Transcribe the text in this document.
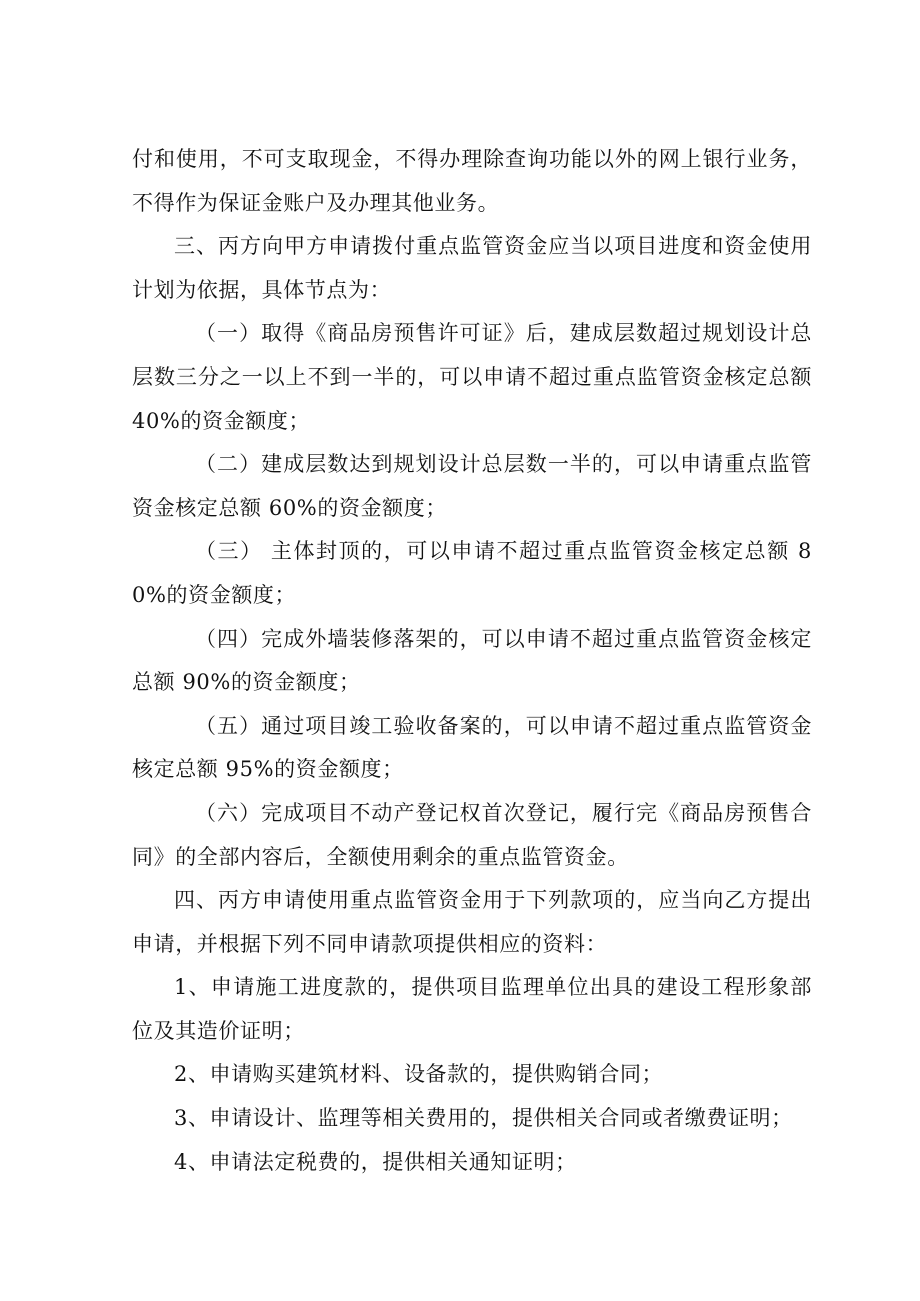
付和使用，不可支取现金，不得办理除查询功能以外的网上银行业务，不得作为保证金账户及办理其他业务。

三、丙方向甲方申请拨付重点监管资金应当以项目进度和资金使用计划为依据，具体节点为：

（一）取得《商品房预售许可证》后，建成层数超过规划设计总层数三分之一以上不到一半的，可以申请不超过重点监管资金核定总额40%的资金额度；

（二）建成层数达到规划设计总层数一半的，可以申请重点监管资金核定总额 60%的资金额度；

（三） 主体封顶的，可以申请不超过重点监管资金核定总额 80%的资金额度；

（四）完成外墙装修落架的，可以申请不超过重点监管资金核定总额 90%的资金额度；

（五）通过项目竣工验收备案的，可以申请不超过重点监管资金核定总额 95%的资金额度；

（六）完成项目不动产登记权首次登记，履行完《商品房预售合同》的全部内容后，全额使用剩余的重点监管资金。

四、丙方申请使用重点监管资金用于下列款项的，应当向乙方提出申请，并根据下列不同申请款项提供相应的资料：

1、申请施工进度款的，提供项目监理单位出具的建设工程形象部位及其造价证明；

2、申请购买建筑材料、设备款的，提供购销合同；

3、申请设计、监理等相关费用的，提供相关合同或者缴费证明；

4、申请法定税费的，提供相关通知证明；
